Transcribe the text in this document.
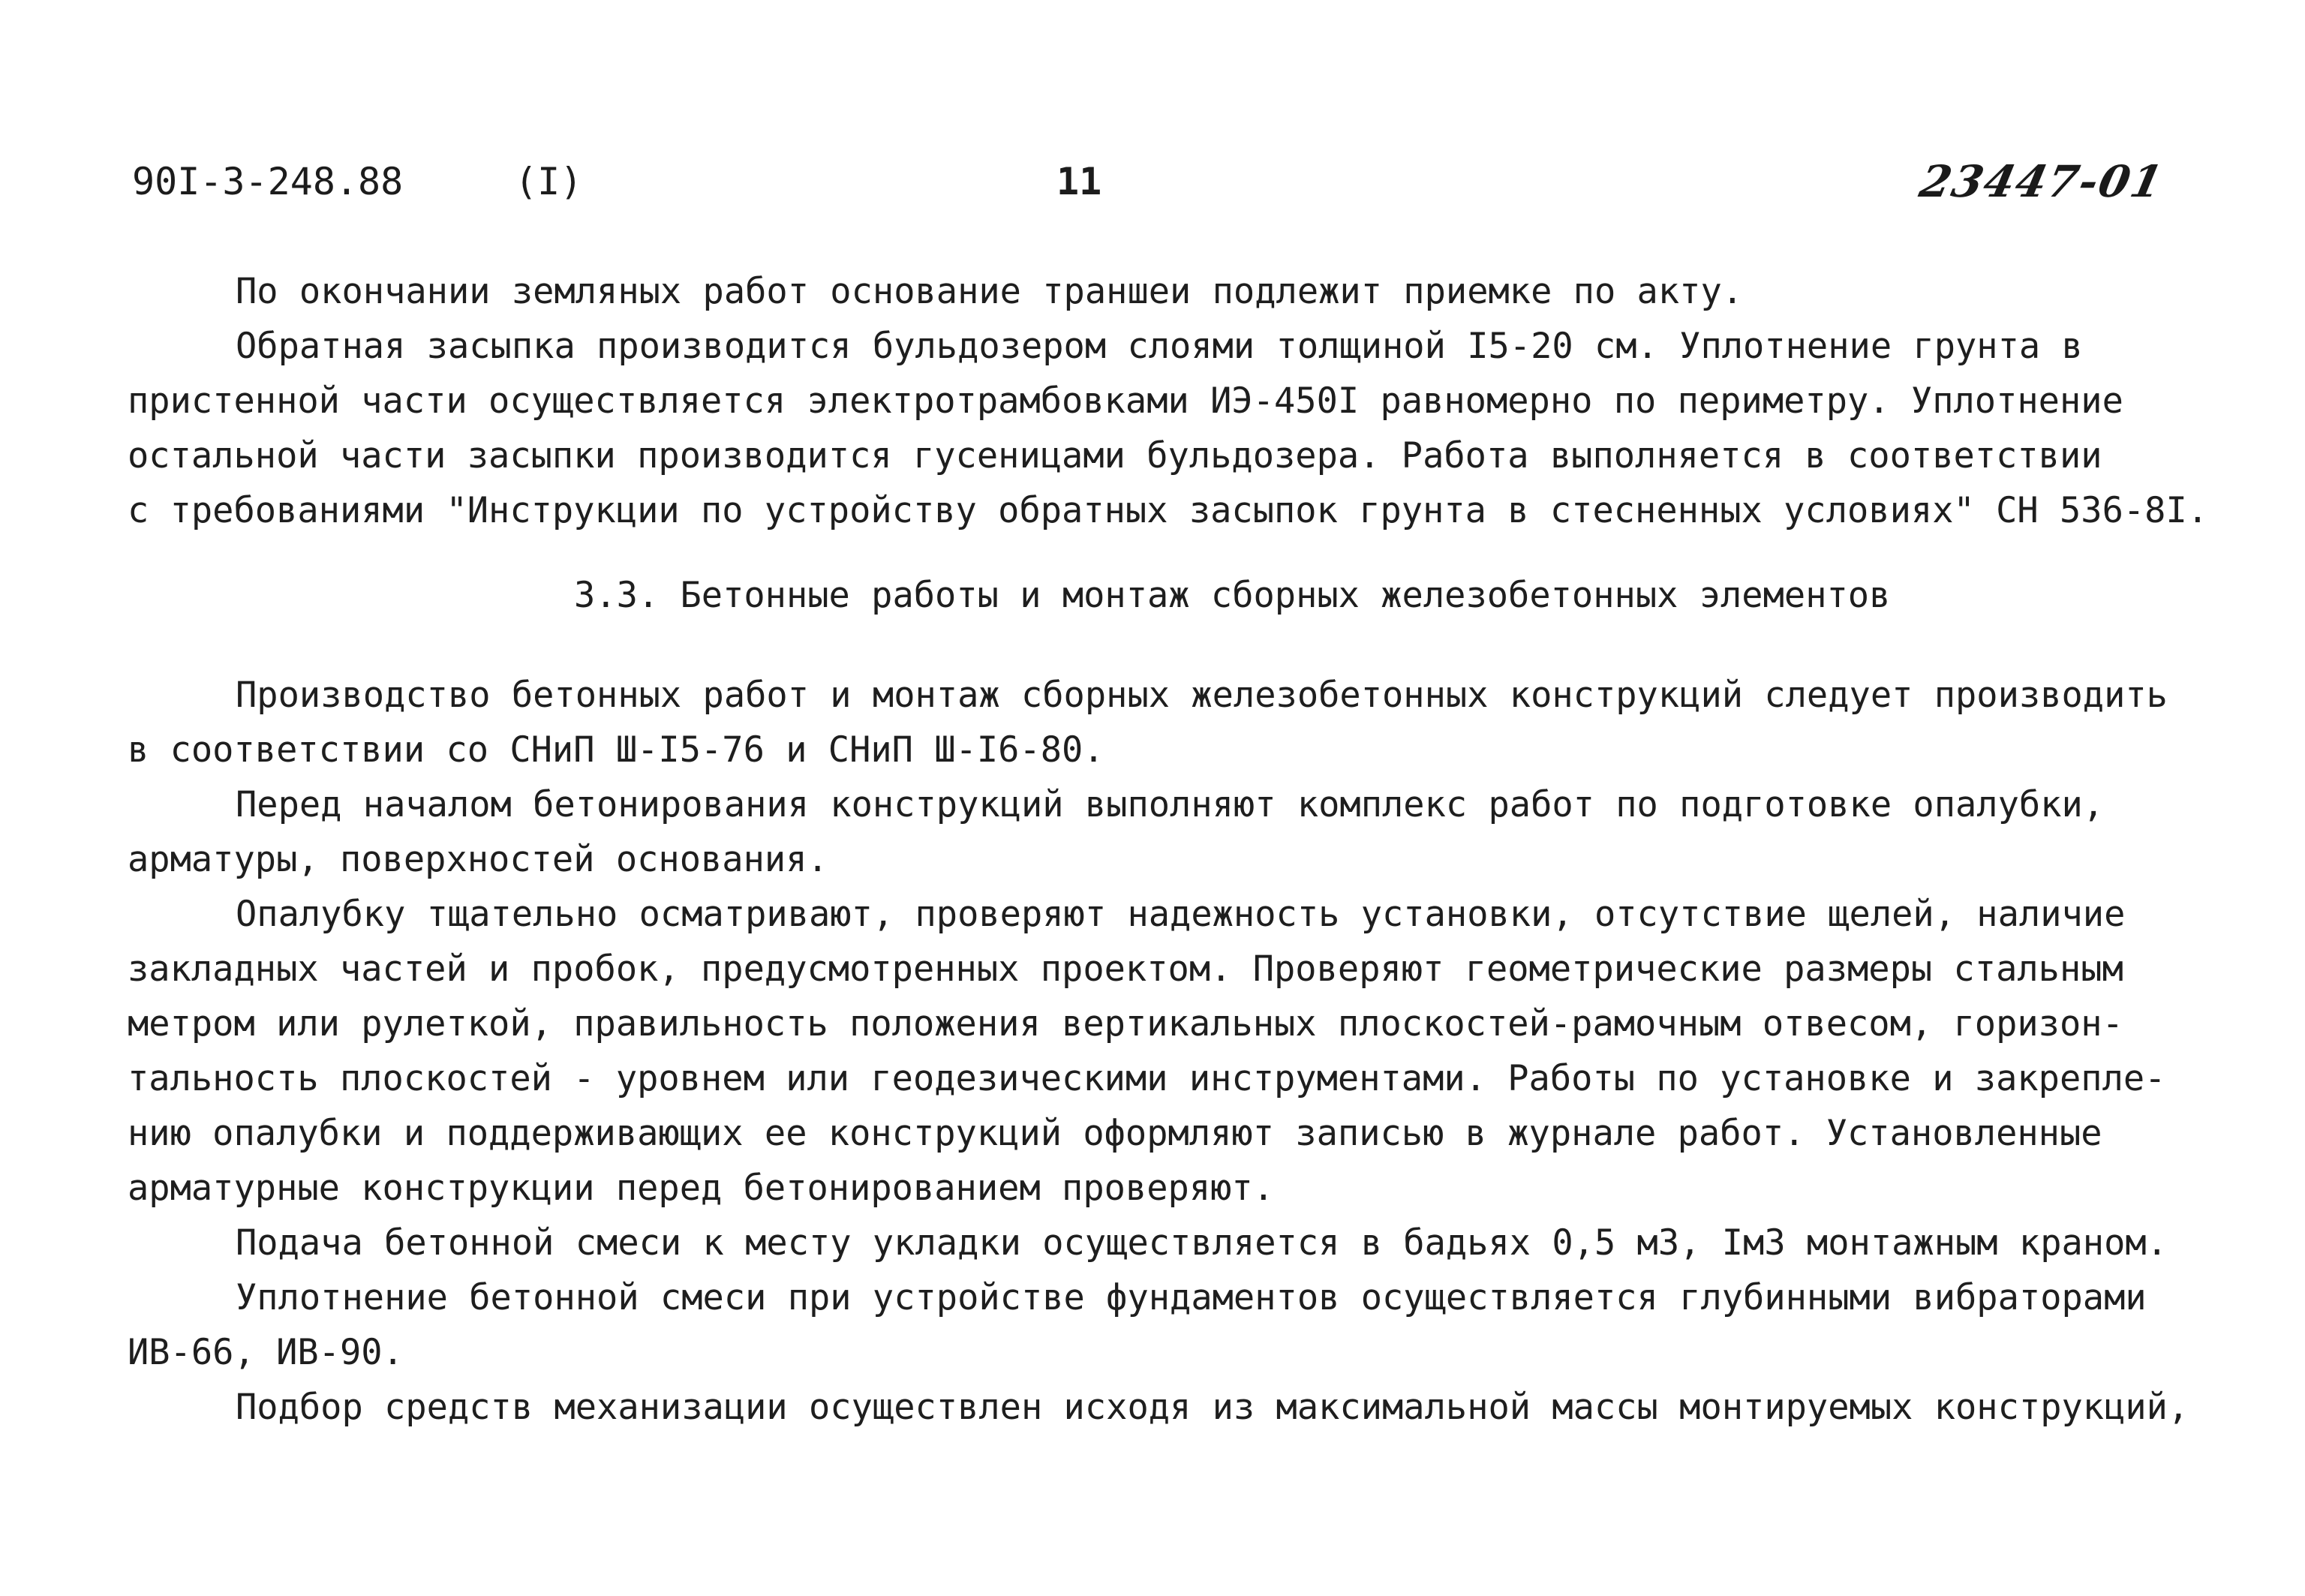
90I-3-248.88	(I)	11	23447-01
По окончании земляных работ основание траншеи подлежит приемке по акту.
Обратная засыпка производится бульдозером слоями толщиной I5-20 см. Уплотнение грунта в
пристенной части осуществляется электротрамбовками ИЭ-450I равномерно по периметру. Уплотнение
остальной части засыпки производится гусеницами бульдозера. Работа выполняется в соответствии
с требованиями "Инструкции по устройству обратных засыпок грунта в стесненных условиях" СН 536-8I.
3.3. Бетонные работы и монтаж сборных железобетонных элементов
Производство бетонных работ и монтаж сборных железобетонных конструкций следует производить
в соответствии со СНиП Ш-I5-76 и СНиП Ш-I6-80.
Перед началом бетонирования конструкций выполняют комплекс работ по подготовке опалубки,
арматуры, поверхностей основания.
Опалубку тщательно осматривают, проверяют надежность установки, отсутствие щелей, наличие
закладных частей и пробок, предусмотренных проектом. Проверяют геометрические размеры стальным
метром или рулеткой, правильность положения вертикальных плоскостей-рамочным отвесом, горизон-
тальность плоскостей - уровнем или геодезическими инструментами. Работы по установке и закрепле-
нию опалубки и поддерживающих ее конструкций оформляют записью в журнале работ. Установленные
арматурные конструкции перед бетонированием проверяют.
Подача бетонной смеси к месту укладки осуществляется в бадьях 0,5 м3, Iм3 монтажным краном.
Уплотнение бетонной смеси при устройстве фундаментов осуществляется глубинными вибраторами
ИВ-66, ИВ-90.
Подбор средств механизации осуществлен исходя из максимальной массы монтируемых конструкций,
